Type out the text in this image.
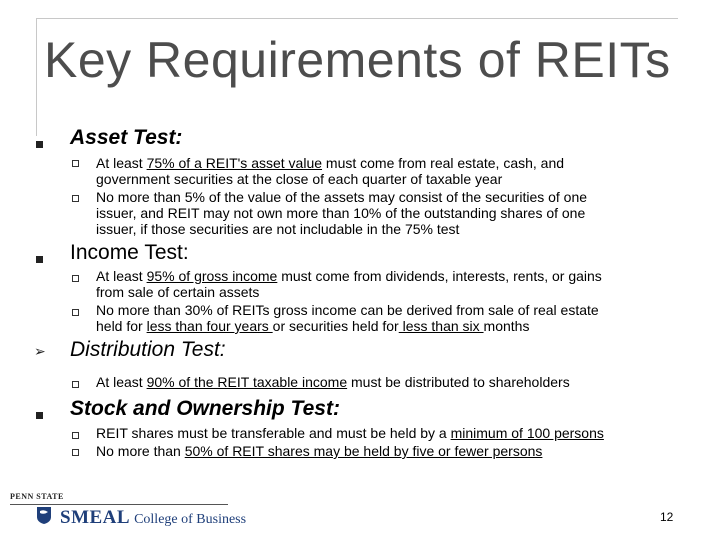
Key Requirements of REITs
Asset Test:
At least 75% of a REIT's asset value must come from real estate, cash, and
government securities at the close of each quarter of taxable year
No more than 5% of the value of the assets may consist of the securities of one
issuer, and REIT may not own more than 10% of the outstanding shares of one
issuer, if those securities are not includable in the 75% test
Income Test:
At least 95% of gross income must come from dividends, interests, rents, or gains
from sale of certain assets
No more than 30% of REITs gross income can be derived from sale of real estate
held for less than four years or securities held for less than six months
➢ Distribution Test:
At least 90% of the REIT taxable income must be distributed to shareholders
Stock and Ownership Test:
REIT shares must be transferable and must be held by a minimum of 100 persons
No more than 50% of REIT shares may be held by five or fewer persons
PENN STATE
SMEAL College of Business	12
